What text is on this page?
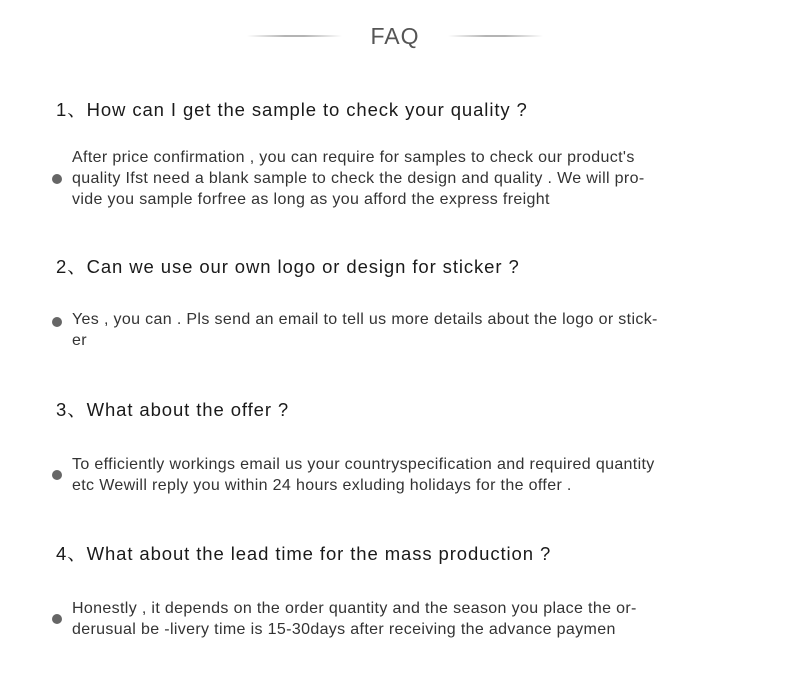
FAQ
1、How can I get the sample to check your quality ?
After price confirmation , you can require for samples to check our product's
quality Ifst need a blank sample to check the design and quality . We will pro-
vide you sample forfree as long as you afford the express freight
2、Can we use our own logo or design for sticker ?
Yes , you can . Pls send an email to tell us more details about the logo or stick-
er
3、What about the offer ?
To efficiently workings email us your countryspecification and required quantity
etc Wewill reply you within 24 hours exluding holidays for the offer .
4、What about the lead time for the mass production ?
Honestly , it depends on the order quantity and the season you place the or-
derusual be -livery time is 15-30days after receiving the advance paymen
